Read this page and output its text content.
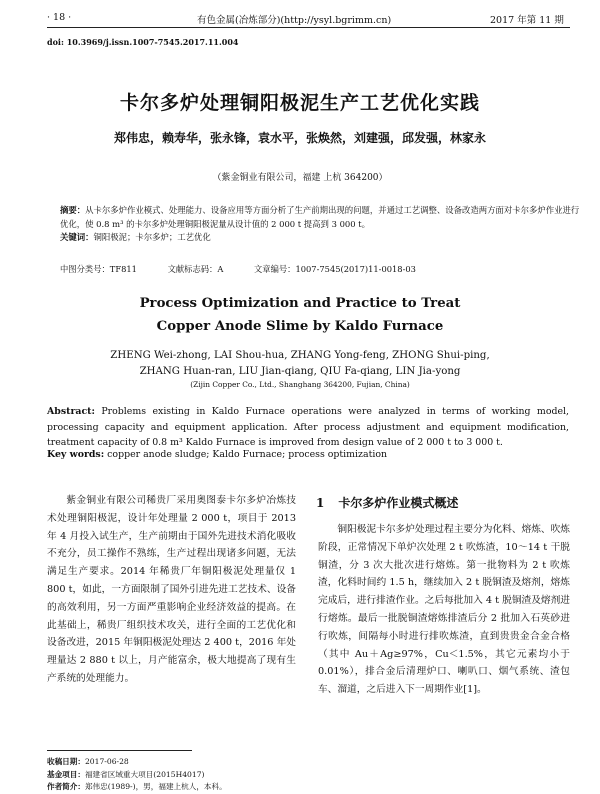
· 18 ·	有色金属(冶炼部分)(http://ysyl.bgrimm.cn)	2017 年第 11 期
doi: 10.3969/j.issn.1007-7545.2017.11.004
卡尔多炉处理铜阳极泥生产工艺优化实践
郑伟忠，赖寿华，张永锋，袁水平，张焕然，刘建强，邱发强，林家永
（紫金铜业有限公司，福建 上杭 364200）
摘要：从卡尔多炉作业模式、处理能力、设备应用等方面分析了生产前期出现的问题，并通过工艺调整、设备改造两方面对卡尔多炉作业进行优化，使 0.8 m³ 的卡尔多炉处理铜阳极泥量从设计值的 2 000 t 提高到 3 000 t。
关键词：铜阳极泥；卡尔多炉；工艺优化
中图分类号：TF811	文献标志码：A	文章编号：1007-7545(2017)11-0018-03
Process Optimization and Practice to Treat
Copper Anode Slime by Kaldo Furnace
ZHENG Wei-zhong, LAI Shou-hua, ZHANG Yong-feng, ZHONG Shui-ping,
ZHANG Huan-ran, LIU Jian-qiang, QIU Fa-qiang, LIN Jia-yong
(Zijin Copper Co., Ltd., Shanghang 364200, Fujian, China)
Abstract: Problems existing in Kaldo Furnace operations were analyzed in terms of working model, processing capacity and equipment application. After process adjustment and equipment modification, treatment capacity of 0.8 m³ Kaldo Furnace is improved from design value of 2 000 t to 3 000 t.
Key words: copper anode sludge; Kaldo Furnace; process optimization
紫金铜业有限公司稀贵厂采用奥图泰卡尔多炉冶炼技术处理铜阳极泥，设计年处理量 2 000 t，项目于 2013 年 4 月投入试生产，生产前期由于国外先进技术消化吸收不充分，员工操作不熟练，生产过程出现诸多问题，无法满足生产要求。2014 年稀贵厂年铜阳极泥处理量仅 1 800 t，如此，一方面限制了国外引进先进工艺技术、设备的高效利用，另一方面严重影响企业经济效益的提高。在此基础上，稀贵厂组织技术攻关，进行全面的工艺优化和设备改进，2015 年铜阳极泥处理达 2 400 t，2016 年处理量达 2 880 t 以上，月产能富余，极大地提高了现有生产系统的处理能力。
1 卡尔多炉作业模式概述
铜阳极泥卡尔多炉处理过程主要分为化料、熔炼、吹炼阶段，正常情况下单炉次处理 2 t 吹炼渣，10～14 t 干脱铜渣，分 3 次大批次进行熔炼。第一批物料为 2 t 吹炼渣，化料时间约 1.5 h，继续加入 2 t 脱铜渣及熔剂，熔炼完成后，进行排渣作业。之后每批加入 4 t 脱铜渣及熔剂进行熔炼。最后一批脱铜渣熔炼排渣后分 2 批加入石英砂进行吹炼，间隔每小时进行排吹炼渣，直到贵贵金合金合格（其中 Au＋Ag≥97%，Cu＜1.5%，其它元素均小于 0.01%），排合金后清理炉口、喇叭口、烟气系统、渣包车、溜道，之后进入下一周期作业[1]。
收稿日期：2017-06-28
基金项目：福建省区域重大项目(2015H4017)
作者简介：郑伟忠(1989-)，男，福建上杭人，本科。
